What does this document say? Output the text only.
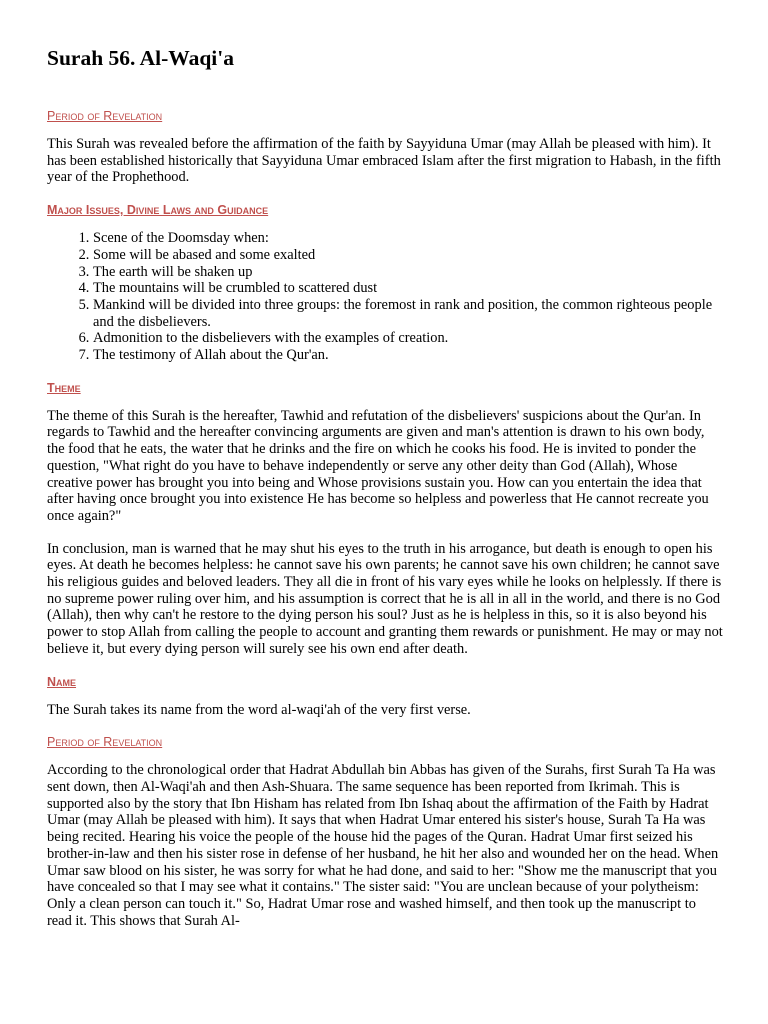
Surah 56. Al-Waqi'a
Period of Revelation

This Surah was revealed before the affirmation of the faith by Sayyiduna Umar (may Allah be pleased with him). It has been established historically that Sayyiduna Umar embraced Islam after the first migration to Habash, in the fifth year of the Prophethood.

Major Issues, Divine Laws and Guidance
1. Scene of the Doomsday when:
2. Some will be abased and some exalted
3. The earth will be shaken up
4. The mountains will be crumbled to scattered dust
5. Mankind will be divided into three groups: the foremost in rank and position, the common righteous people and the disbelievers.
6. Admonition to the disbelievers with the examples of creation.
7. The testimony of Allah about the Qur'an.
Theme

The theme of this Surah is the hereafter, Tawhid and refutation of the disbelievers' suspicions about the Qur'an. In regards to Tawhid and the hereafter convincing arguments are given and man's attention is drawn to his own body, the food that he eats, the water that he drinks and the fire on which he cooks his food. He is invited to ponder the question, "What right do you have to behave independently or serve any other deity than God (Allah), Whose creative power has brought you into being and Whose provisions sustain you. How can you entertain the idea that after having once brought you into existence He has become so helpless and powerless that He cannot recreate you once again?"

In conclusion, man is warned that he may shut his eyes to the truth in his arrogance, but death is enough to open his eyes. At death he becomes helpless: he cannot save his own parents; he cannot save his own children; he cannot save his religious guides and beloved leaders. They all die in front of his vary eyes while he looks on helplessly. If there is no supreme power ruling over him, and his assumption is correct that he is all in all in the world, and there is no God (Allah), then why can't he restore to the dying person his soul? Just as he is helpless in this, so it is also beyond his power to stop Allah from calling the people to account and granting them rewards or punishment. He may or may not believe it, but every dying person will surely see his own end after death.

Name

The Surah takes its name from the word al-waqi'ah of the very first verse.

Period of Revelation

According to the chronological order that Hadrat Abdullah bin Abbas has given of the Surahs, first Surah Ta Ha was sent down, then Al-Waqi'ah and then Ash-Shuara. The same sequence has been reported from Ikrimah. This is supported also by the story that Ibn Hisham has related from Ibn Ishaq about the affirmation of the Faith by Hadrat Umar (may Allah be pleased with him). It says that when Hadrat Umar entered his sister's house, Surah Ta Ha was being recited. Hearing his voice the people of the house hid the pages of the Quran. Hadrat Umar first seized his brother-in-law and then his sister rose in defense of her husband, he hit her also and wounded her on the head. When Umar saw blood on his sister, he was sorry for what he had done, and said to her: "Show me the manuscript that you have concealed so that I may see what it contains." The sister said: "You are unclean because of your polytheism: Only a clean person can touch it." So, Hadrat Umar rose and washed himself, and then took up the manuscript to read it. This shows that Surah Al-
